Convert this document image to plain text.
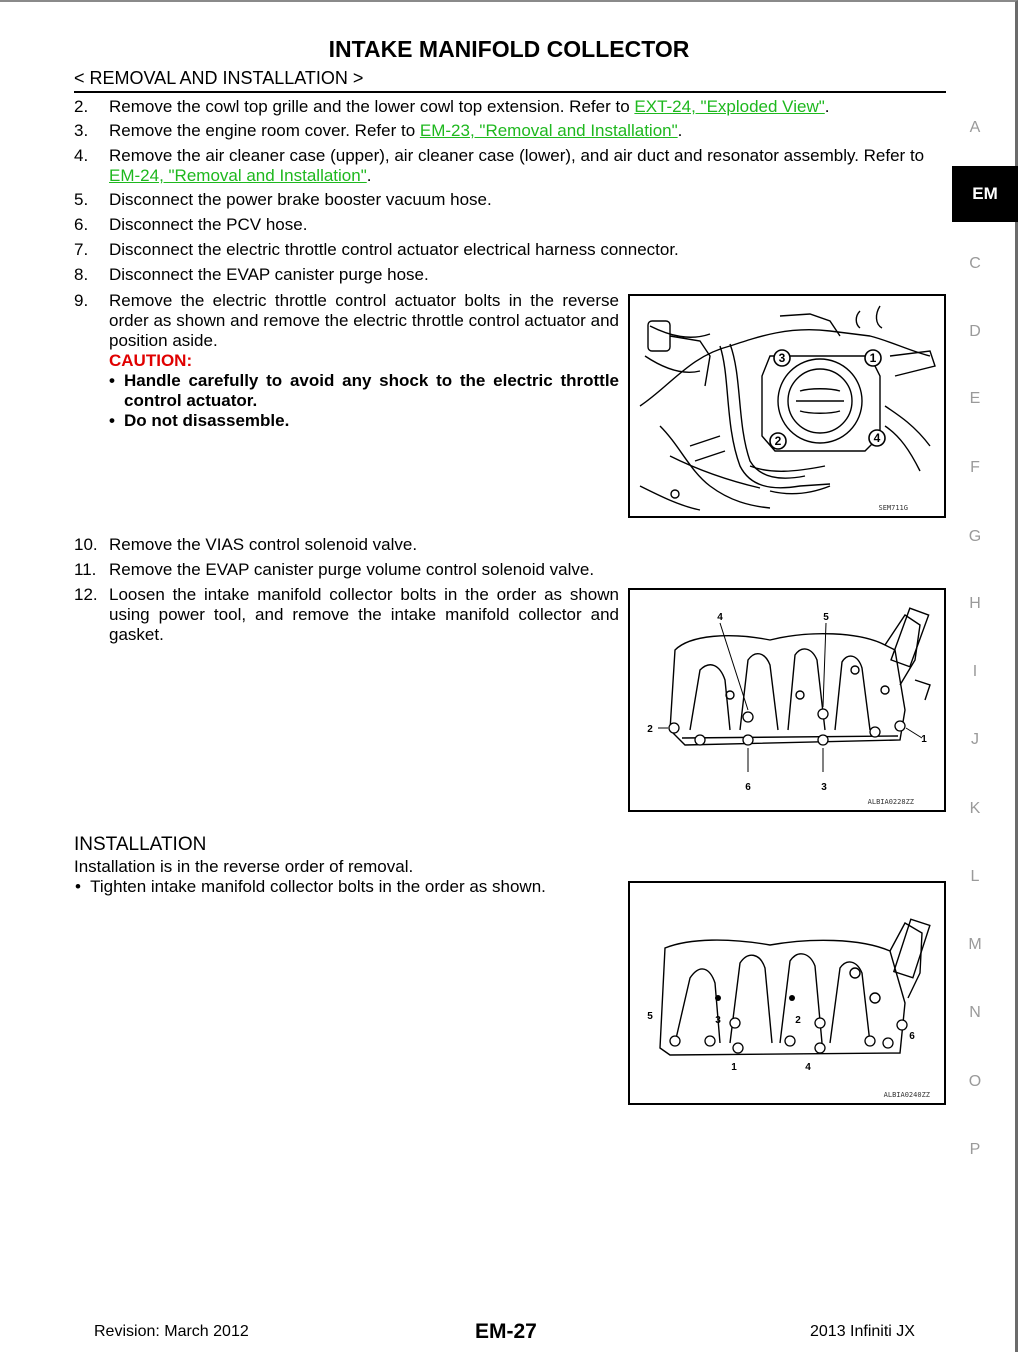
INTAKE MANIFOLD COLLECTOR
< REMOVAL AND INSTALLATION >
2.	Remove the cowl top grille and the lower cowl top extension. Refer to EXT-24, "Exploded View".
3.	Remove the engine room cover. Refer to EM-23, "Removal and Installation".
4.	Remove the air cleaner case (upper), air cleaner case (lower), and air duct and resonator assembly. Refer to EM-24, "Removal and Installation".
5.	Disconnect the power brake booster vacuum hose.
6.	Disconnect the PCV hose.
7.	Disconnect the electric throttle control actuator electrical harness connector.
8.	Disconnect the EVAP canister purge hose.
9.	Remove the electric throttle control actuator bolts in the reverse order as shown and remove the electric throttle control actuator and position aside.
CAUTION:
• Handle carefully to avoid any shock to the electric throttle control actuator.
• Do not disassemble.
1
2
3
4
SEM711G
10. Remove the VIAS control solenoid valve.
11. Remove the EVAP canister purge volume control solenoid valve.
12. Loosen the intake manifold collector bolts in the order as shown using power tool, and remove the intake manifold collector and gasket.
1
2
3
4	5
6
ALBIA0228ZZ
INSTALLATION
Installation is in the reverse order of removal.
• Tighten intake manifold collector bolts in the order as shown.
1
2
3
4
5
6
ALBIA0240ZZ
A
EM
C
D
E
F
G
H
I
J
K
L
M
N
O
P
Revision: March 2012	EM-27	2013 Infiniti JX
